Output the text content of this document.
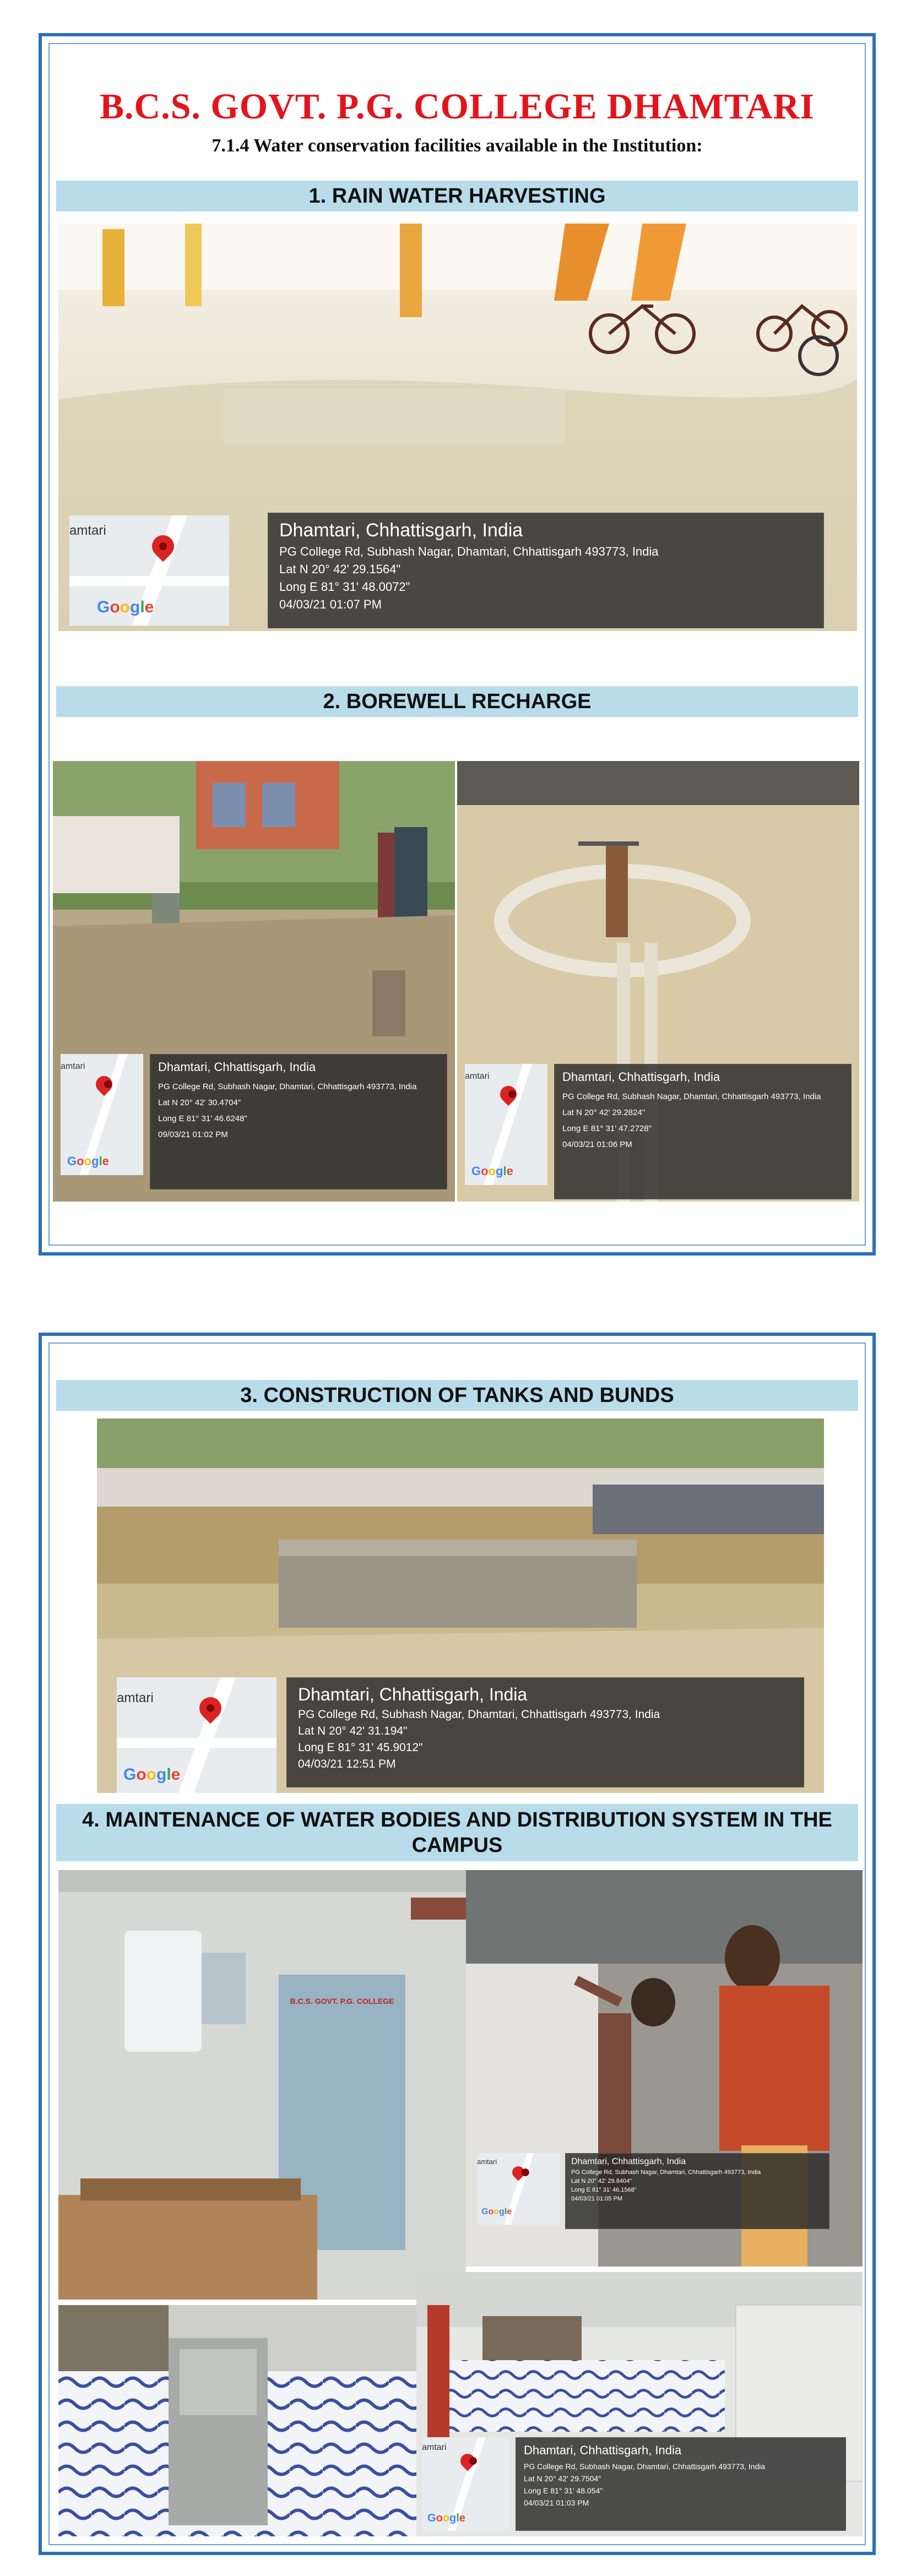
B.C.S. GOVT. P.G. COLLEGE DHAMTARI
7.1.4 Water conservation facilities available in the Institution:
1. RAIN WATER HARVESTING
amtari
Google
Dhamtari, Chhattisgarh, India
PG College Rd, Subhash Nagar, Dhamtari, Chhattisgarh 493773, India
Lat N 20° 42' 29.1564"
Long E 81° 31' 48.0072"
04/03/21 01:07 PM
2. BOREWELL RECHARGE
amtari
Google
Dhamtari, Chhattisgarh, India
PG College Rd, Subhash Nagar, Dhamtari, Chhattisgarh 493773, India
Lat N 20° 42' 30.4704"
Long E 81° 31' 46.6248"
09/03/21 01:02 PM
amtari
Google
Dhamtari, Chhattisgarh, India
PG College Rd, Subhash Nagar, Dhamtari, Chhattisgarh 493773, India
Lat N 20° 42' 29.2824"
Long E 81° 31' 47.2728"
04/03/21 01:06 PM
3. CONSTRUCTION OF TANKS AND BUNDS
amtari
Google
Dhamtari, Chhattisgarh, India
PG College Rd, Subhash Nagar, Dhamtari, Chhattisgarh 493773, India
Lat N 20° 42' 31.194"
Long E 81° 31' 45.9012"
04/03/21 12:51 PM
4. MAINTENANCE OF WATER BODIES AND DISTRIBUTION SYSTEM IN THE CAMPUS
B.C.S. GOVT. P.G. COLLEGE
amtari
Google
Dhamtari, Chhattisgarh, India
PG College Rd, Subhash Nagar, Dhamtari, Chhattisgarh 493773, India
Lat N 20° 42' 29.8404"
Long E 81° 31' 46.1568"
04/03/21 01:05 PM
amtari
Google
Dhamtari, Chhattisgarh, India
PG College Rd, Subhash Nagar, Dhamtari, Chhattisgarh 493773, India
Lat N 20° 42' 29.7504"
Long E 81° 31' 48.054"
04/03/21 01:03 PM
